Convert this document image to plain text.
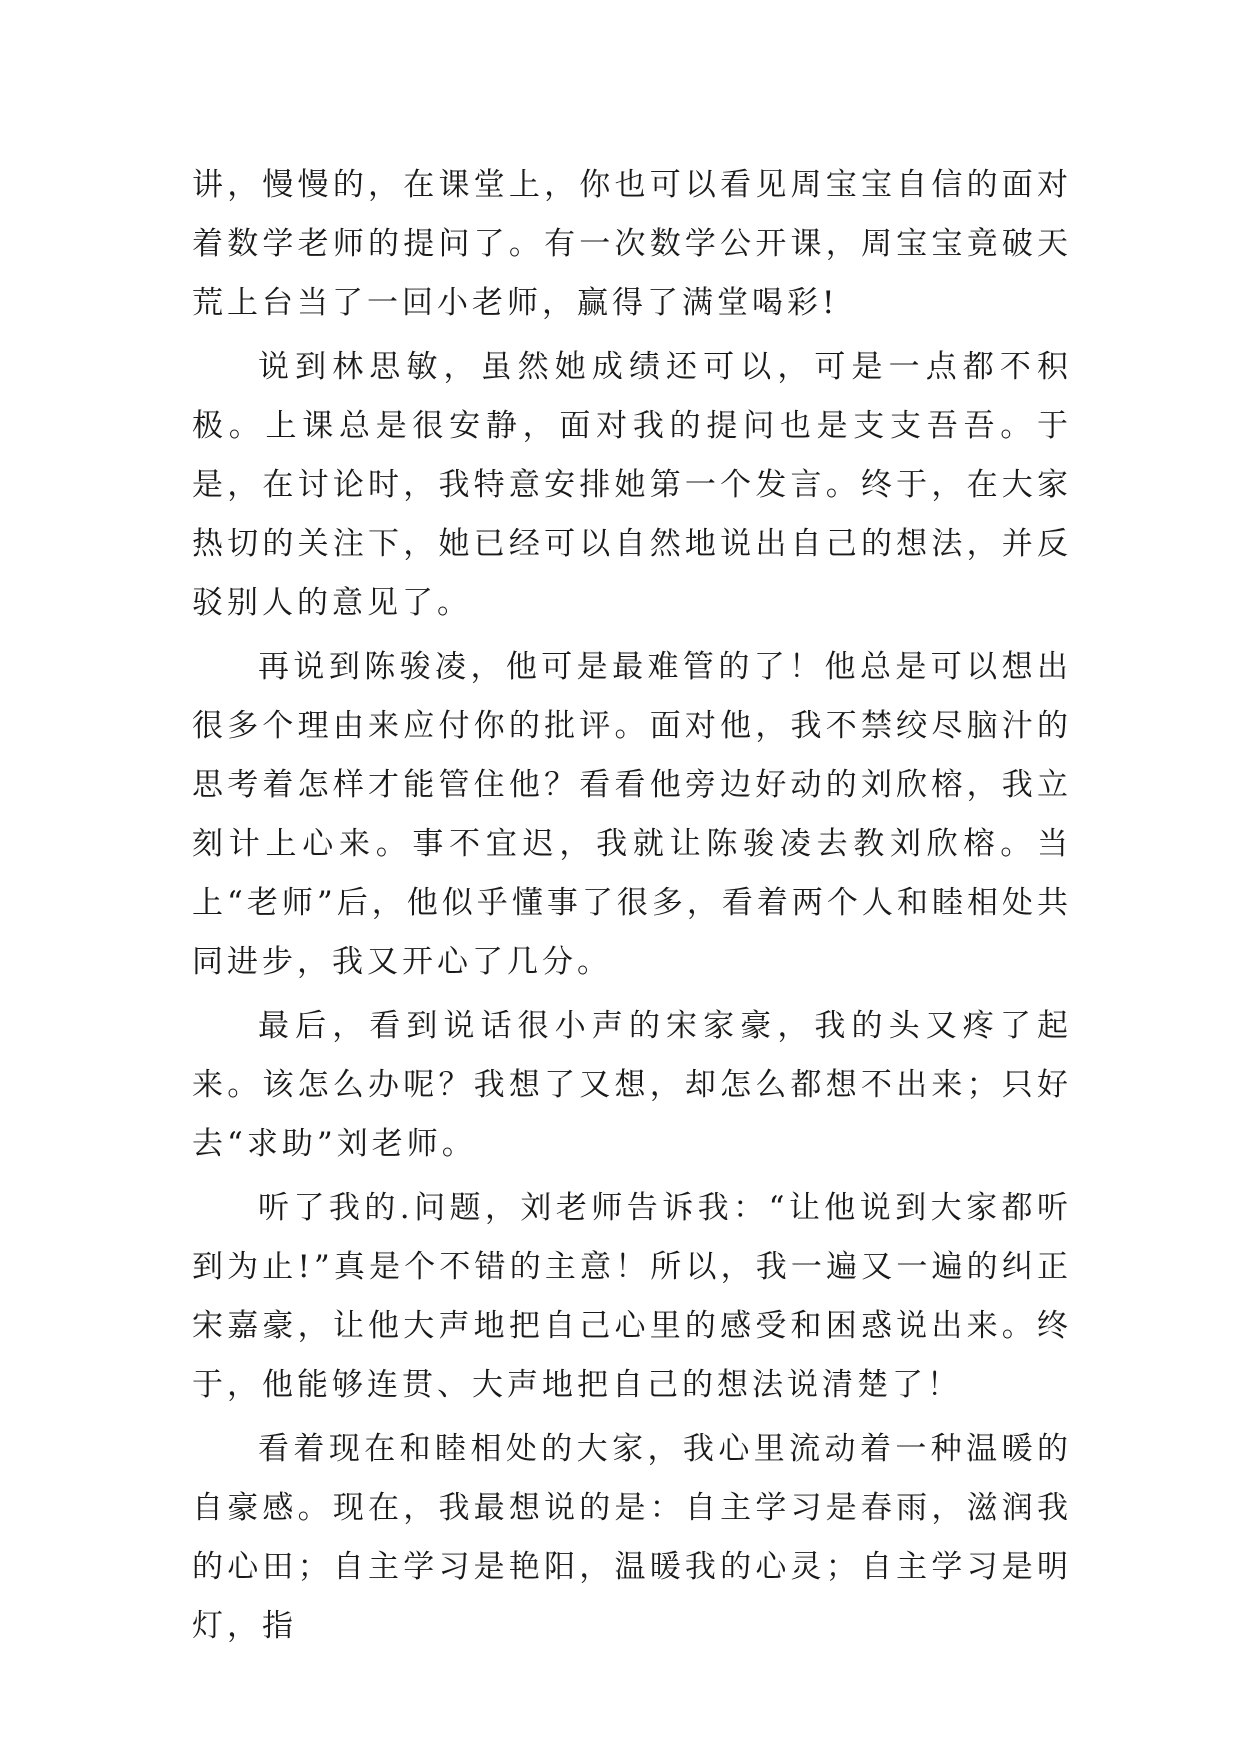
讲，慢慢的，在课堂上，你也可以看见周宝宝自信的面对着数学老师的提问了。有一次数学公开课，周宝宝竟破天荒上台当了一回小老师，赢得了满堂喝彩!

说到林思敏，虽然她成绩还可以，可是一点都不积极。上课总是很安静，面对我的提问也是支支吾吾。于是，在讨论时，我特意安排她第一个发言。终于，在大家热切的关注下，她已经可以自然地说出自己的想法，并反驳别人的意见了。

再说到陈骏凌，他可是最难管的了！他总是可以想出很多个理由来应付你的批评。面对他，我不禁绞尽脑汁的思考着怎样才能管住他？看看他旁边好动的刘欣榕，我立刻计上心来。事不宜迟，我就让陈骏凌去教刘欣榕。当上“老师”后，他似乎懂事了很多，看着两个人和睦相处共同进步，我又开心了几分。

最后，看到说话很小声的宋家豪，我的头又疼了起来。该怎么办呢？我想了又想，却怎么都想不出来；只好去“求助”刘老师。

听了我的.问题，刘老师告诉我：“让他说到大家都听到为止!”真是个不错的主意！所以，我一遍又一遍的纠正宋嘉豪，让他大声地把自己心里的感受和困惑说出来。终于，他能够连贯、大声地把自己的想法说清楚了！

看着现在和睦相处的大家，我心里流动着一种温暖的自豪感。现在，我最想说的是：自主学习是春雨，滋润我的心田；自主学习是艳阳，温暖我的心灵；自主学习是明灯，指
